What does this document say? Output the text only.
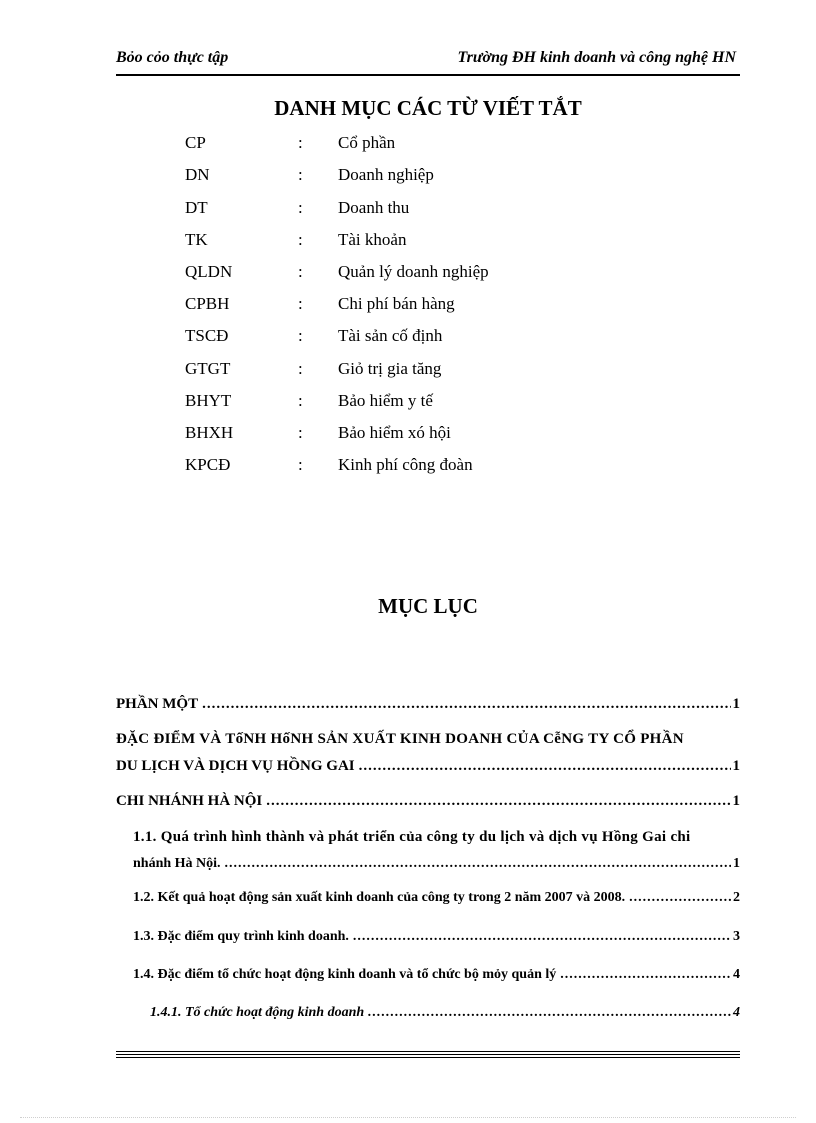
Bỏo cỏo thực tập	Trường ĐH kinh doanh và công nghệ HN
DANH MỤC CÁC TỪ VIẾT TẮT
CP	: Cổ phần
DN	: Doanh nghiệp
DT	: Doanh thu
TK	: Tài khoản
QLDN	: Quản lý doanh nghiệp
CPBH	: Chi phí bán hàng
TSCĐ	: Tài sản cố định
GTGT	: Giỏ trị gia tăng
BHYT	: Bảo hiểm y tế
BHXH	: Bảo hiểm xó hội
KPCĐ	: Kinh phí công đoàn
MỤC LỤC
PHẦN MỘT .....	1
ĐẶC ĐIỂM VÀ TốNH HốNH SẢN XUẤT KINH DOANH CỦA CễNG TY CỔ PHẦN
DU LỊCH VÀ DỊCH VỤ HỒNG GAI .....	1
CHI NHÁNH HÀ NỘI .....	1
1.1. Quá trình hình thành và phát triển của công ty du lịch và dịch vụ Hồng Gai chi
nhánh Hà Nội. .....	1
1.2. Kết quả hoạt động sản xuất kinh doanh của công ty trong 2 năm 2007 và 2008. .....	2
1.3. Đặc điểm quy trình kinh doanh. .....	3
1.4. Đặc điểm tổ chức hoạt động kinh doanh và tổ chức bộ mỏy quản lý .....	4
1.4.1. Tổ chức hoạt động kinh doanh .....	4
